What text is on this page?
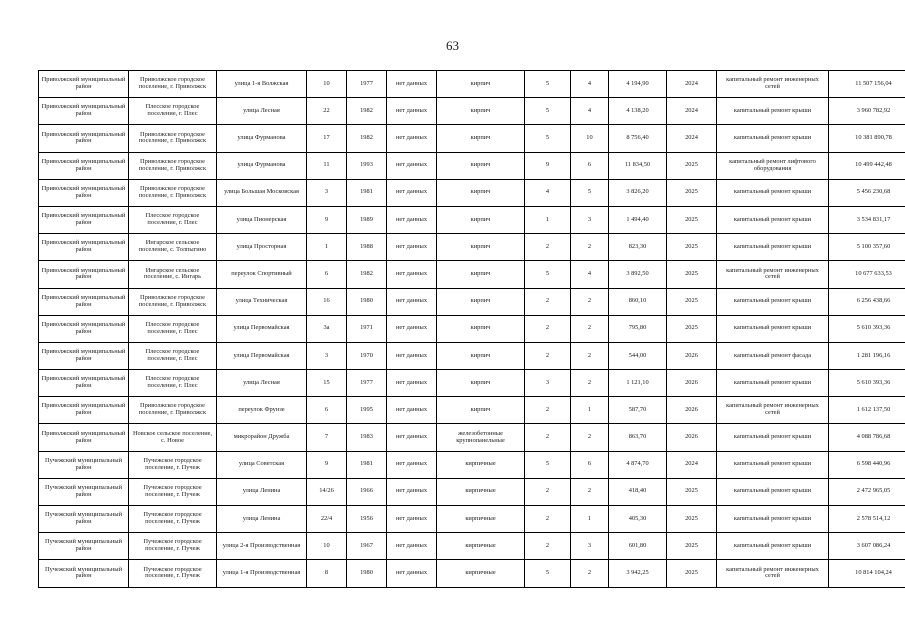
63
Приволжский муниципальный район	Приволжское городское поселение, г. Приволжск	улица 1-я Волжская	10	1977	нет данных	кирпич	5	4	4 194,90	2024	капитальный ремонт инженерных сетей	11 507 156,04
Приволжский муниципальный район	Плесское городское поселение, г. Плес	улица Лесная	22	1982	нет данных	кирпич	5	4	4 138,20	2024	капитальный ремонт крыши	3 960 782,92
Приволжский муниципальный район	Приволжское городское поселение, г. Приволжск	улица Фурманова	17	1982	нет данных	кирпич	5	10	8 756,40	2024	капитальный ремонт крыши	10 381 890,78
Приволжский муниципальный район	Приволжское городское поселение, г. Приволжск	улица Фурманова	11	1993	нет данных	кирпич	9	6	11 834,50	2025	капитальный ремонт лифтового оборудования	10 499 442,48
Приволжский муниципальный район	Приволжское городское поселение, г. Приволжск	улица Большая Московская	3	1981	нет данных	кирпич	4	5	3 826,20	2025	капитальный ремонт крыши	5 456 230,68
Приволжский муниципальный район	Плесское городское поселение, г. Плес	улица Пионерская	9	1989	нет данных	кирпич	1	3	1 494,40	2025	капитальный ремонт крыши	3 534 831,17
Приволжский муниципальный район	Ингарское сельское поселение, с. Толпыгино	улица Просторная	1	1988	нет данных	кирпич	2	2	823,30	2025	капитальный ремонт крыши	5 100 357,60
Приволжский муниципальный район	Ингарское сельское поселение, с. Ингарь	переулок Спортивный	6	1982	нет данных	кирпич	5	4	3 892,50	2025	капитальный ремонт инженерных сетей	10 677 633,53
Приволжский муниципальный район	Приволжское городское поселение, г. Приволжск	улица Техническая	16	1980	нет данных	кирпич	2	2	860,10	2025	капитальный ремонт крыши	6 256 438,66
Приволжский муниципальный район	Плесское городское поселение, г. Плес	улица Первомайская	3а	1971	нет данных	кирпич	2	2	795,80	2025	капитальный ремонт крыши	5 610 393,36
Приволжский муниципальный район	Плесское городское поселение, г. Плес	улица Первомайская	3	1970	нет данных	кирпич	2	2	544,00	2026	капитальный ремонт фасада	1 281 196,16
Приволжский муниципальный район	Плесское городское поселение, г. Плес	улица Лесная	15	1977	нет данных	кирпич	3	2	1 121,10	2026	капитальный ремонт крыши	5 610 393,36
Приволжский муниципальный район	Приволжское городское поселение, г. Приволжск	переулок Фрунзе	6	1995	нет данных	кирпич	2	1	587,70	2026	капитальный ремонт инженерных сетей	1 612 137,50
Приволжский муниципальный район	Новское сельское поселение, с. Новое	микрорайон Дружба	7	1983	нет данных	железобетонные крупнопанельные	2	2	863,70	2026	капитальный ремонт крыши	4 088 786,68
Пучежский муниципальный район	Пучежское городское поселение, г. Пучеж	улица Советская	9	1981	нет данных	кирпичные	5	6	4 874,70	2024	капитальный ремонт крыши	6 598 440,96
Пучежский муниципальный район	Пучежское городское поселение, г. Пучеж	улица Ленина	14/26	1966	нет данных	кирпичные	2	2	418,40	2025	капитальный ремонт крыши	2 472 965,05
Пучежский муниципальный район	Пучежское городское поселение, г. Пучеж	улица Ленина	22/4	1956	нет данных	кирпичные	2	1	405,30	2025	капитальный ремонт крыши	2 578 514,12
Пучежский муниципальный район	Пучежское городское поселение, г. Пучеж	улица 2-я Производственная	10	1967	нет данных	кирпичные	2	3	601,80	2025	капитальный ремонт крыши	3 607 086,24
Пучежский муниципальный район	Пучежское городское поселение, г. Пучеж	улица 1-я Производственная	8	1980	нет данных	кирпичные	5	2	3 942,25	2025	капитальный ремонт инженерных сетей	10 814 104,24
